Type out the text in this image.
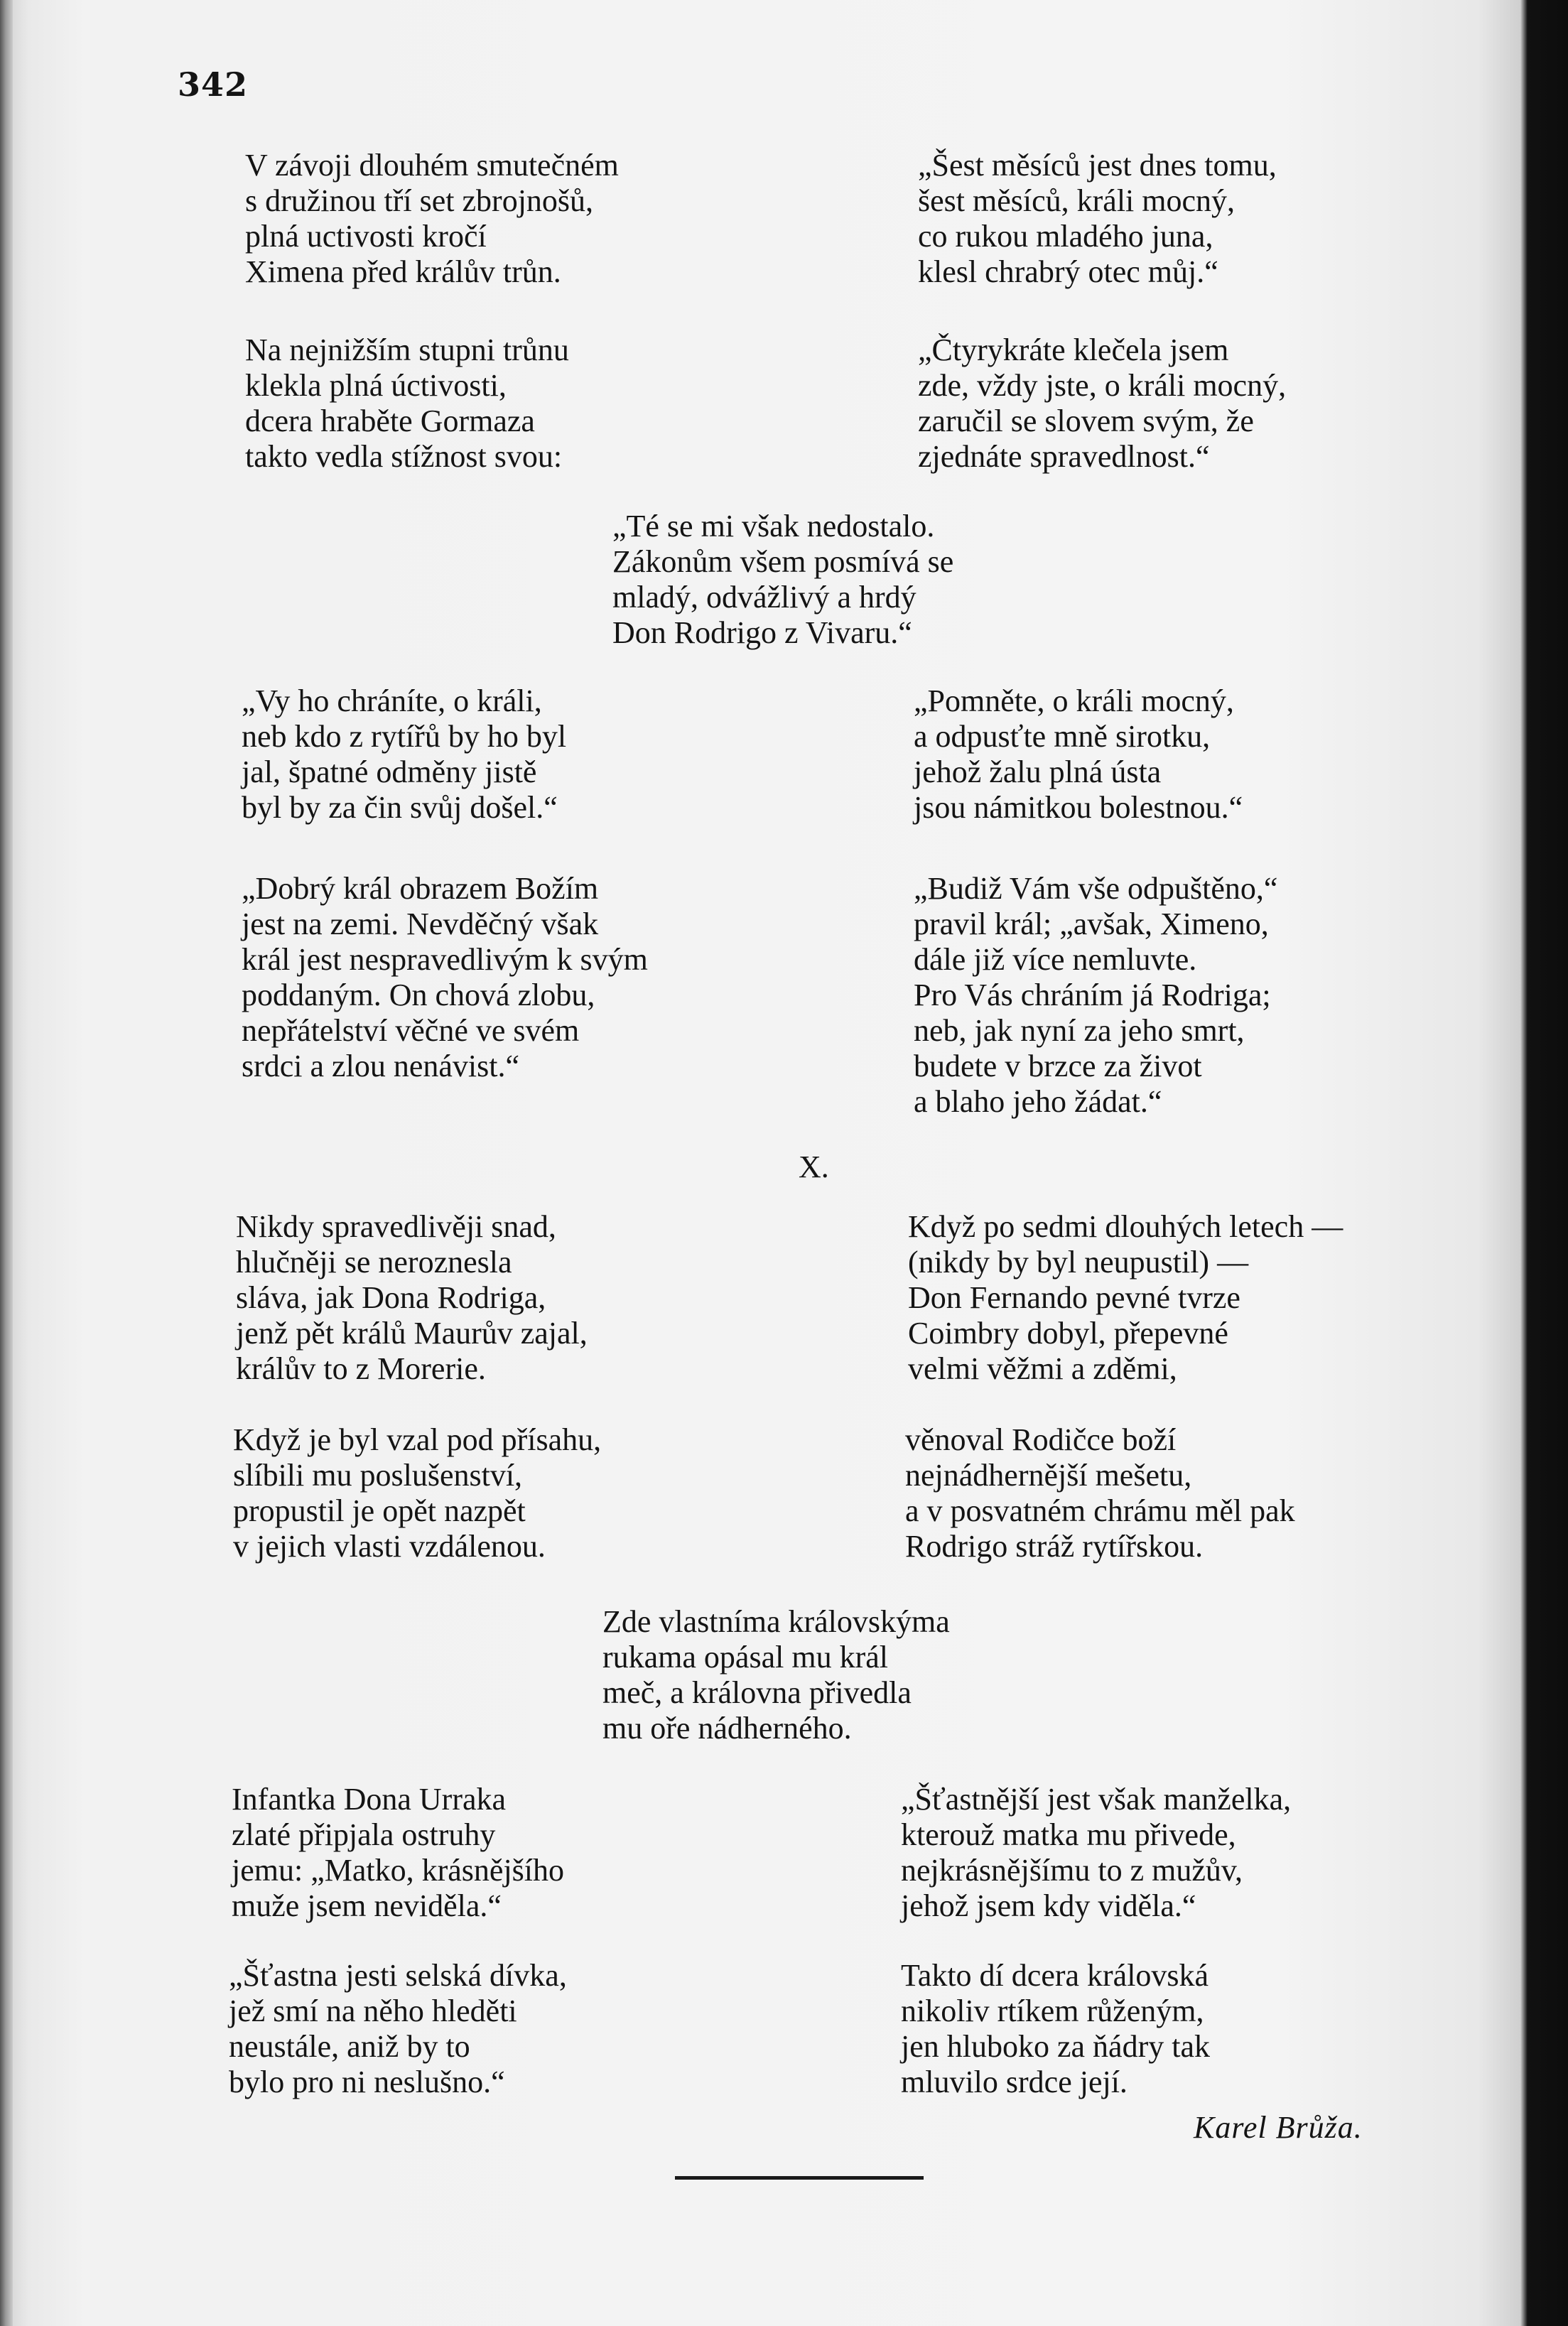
342
V závoji dlouhém smutečném
s družinou tří set zbrojnošů,
plná uctivosti kročí
Ximena před králův trůn.
Na nejnižším stupni trůnu
klekla plná úctivosti,
dcera hraběte Gormaza
takto vedla stížnost svou:
„Šest měsíců jest dnes tomu,
šest měsíců, králi mocný,
co rukou mladého juna,
klesl chrabrý otec můj.“
„Čtyrykráte klečela jsem
zde, vždy jste, o králi mocný,
zaručil se slovem svým, že
zjednáte spravedlnost.“
„Té se mi však nedostalo.
Zákonům všem posmívá se
mladý, odvážlivý a hrdý
Don Rodrigo z Vivaru.“
„Vy ho chráníte, o králi,
neb kdo z rytířů by ho byl
jal, špatné odměny jistě
byl by za čin svůj došel.“
„Dobrý král obrazem Božím
jest na zemi. Nevděčný však
král jest nespravedlivým k svým
poddaným. On chová zlobu,
nepřátelství věčné ve svém
srdci a zlou nenávist.“
„Pomněte, o králi mocný,
a odpusťte mně sirotku,
jehož žalu plná ústa
jsou námitkou bolestnou.“
„Budiž Vám vše odpuštěno,“
pravil král; „avšak, Ximeno,
dále již více nemluvte.
Pro Vás chráním já Rodriga;
neb, jak nyní za jeho smrt,
budete v brzce za život
a blaho jeho žádat.“
X.
Nikdy spravedlivěji snad,
hlučněji se neroznesla
sláva, jak Dona Rodriga,
jenž pět králů Maurův zajal,
králův to z Morerie.
Když je byl vzal pod přísahu,
slíbili mu poslušenství,
propustil je opět nazpět
v jejich vlasti vzdálenou.
Když po sedmi dlouhých letech —
(nikdy by byl neupustil) —
Don Fernando pevné tvrze
Coimbry dobyl, přepevné
velmi věžmi a zděmi,
věnoval Rodičce boží
nejnádhernější mešetu,
a v posvatném chrámu měl pak
Rodrigo stráž rytířskou.
Zde vlastníma královskýma
rukama opásal mu král
meč, a královna přivedla
mu oře nádherného.
Infantka Dona Urraka
zlaté připjala ostruhy
jemu: „Matko, krásnějšího
muže jsem neviděla.“
„Šťastna jesti selská dívka,
jež smí na něho hleděti
neustále, aniž by to
bylo pro ni neslušno.“
„Šťastnější jest však manželka,
kterouž matka mu přivede,
nejkrásnějšímu to z mužův,
jehož jsem kdy viděla.“
Takto dí dcera královská
nikoliv rtíkem růženým,
jen hluboko za ňádry tak
mluvilo srdce její.
Karel Brůža.
